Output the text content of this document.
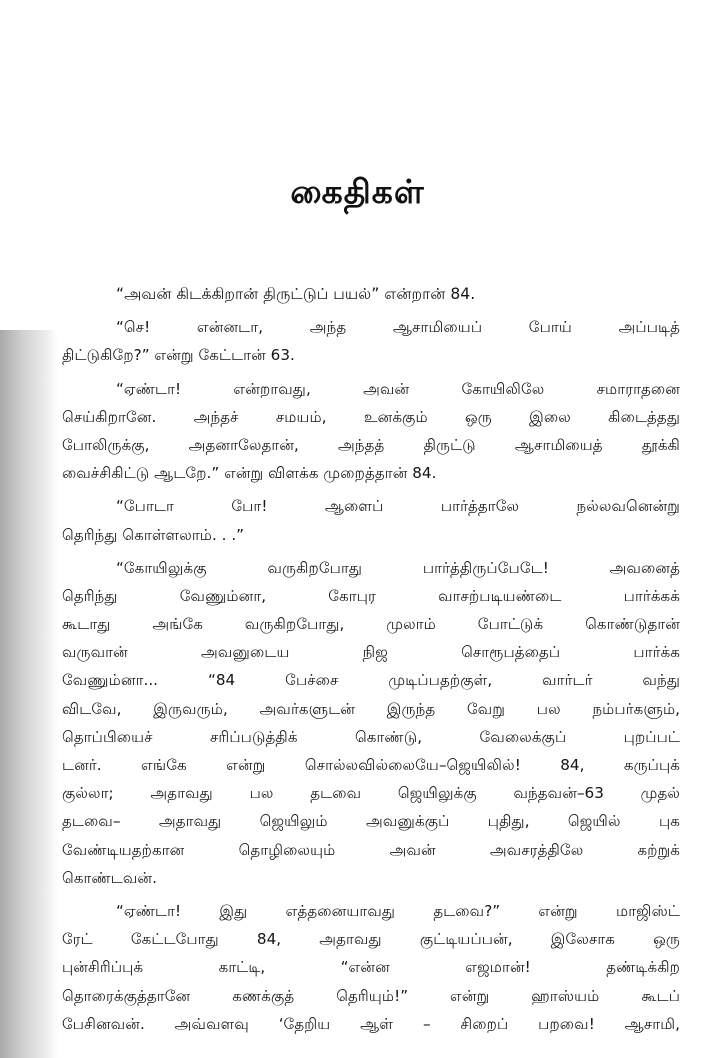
கைதிகள்
“அவன் கிடக்கிறான் திருட்டுப் பயல்” என்றான் 84.
“செ! என்னடா, அந்த ஆசாமியைப் போய் அப்படித்
திட்டுகிறே?” என்று கேட்டான் 63.
“ஏண்டா! என்றாவது, அவன் கோயிலிலே சமாராதனை
செய்கிறானே. அந்தச் சமயம், உனக்கும் ஒரு இலை கிடைத்தது
போலிருக்கு, அதனாலேதான், அந்தத் திருட்டு ஆசாமியைத் தூக்கி
வைச்சிகிட்டு ஆடறே.” என்று விளக்க முறைத்தான் 84.
“போடா போ! ஆளைப் பார்த்தாலே நல்லவனென்று
தெரிந்து கொள்ளலாம். . .”
“கோயிலுக்கு வருகிறபோது பார்த்திருப்பேடே! அவனைத்
தெரிந்து வேணும்னா, கோபுர வாசற்படியண்டை பார்க்கக்
கூடாது அங்கே வருகிறபோது, முலாம் போட்டுக் கொண்டுதான்
வருவான் அவனுடைய நிஜ சொரூபத்தைப் பார்க்க
வேணும்னா... “84 பேச்சை முடிப்பதற்குள், வார்டர் வந்து
விடவே, இருவரும், அவர்களுடன் இருந்த வேறு பல நம்பர்களும்,
தொப்பியைச் சரிப்படுத்திக் கொண்டு, வேலைக்குப் புறப்பட்
டனர். எங்கே என்று சொல்லவில்லையே–ஜெயிலில்! 84, கருப்புக்
குல்லா; அதாவது பல தடவை ஜெயிலுக்கு வந்தவன்–63 முதல்
தடவை– அதாவது ஜெயிலும் அவனுக்குப் புதிது, ஜெயில் புக
வேண்டியதற்கான தொழிலையும் அவன் அவசரத்திலே கற்றுக்
கொண்டவன்.
“ஏண்டா! இது எத்தனையாவது தடவை?” என்று மாஜிஸ்ட்
ரேட் கேட்டபோது 84, அதாவது குட்டியப்பன், இலேசாக ஒரு
புன்சிரிப்புக் காட்டி, “என்ன எஜமான்! தண்டிக்கிற
தொரைக்குத்தானே கணக்குத் தெரியும்!” என்று ஹாஸ்யம் கூடப்
பேசினவன். அவ்வளவு ‘தேறிய ஆள் – சிறைப் பறவை! ஆசாமி,
